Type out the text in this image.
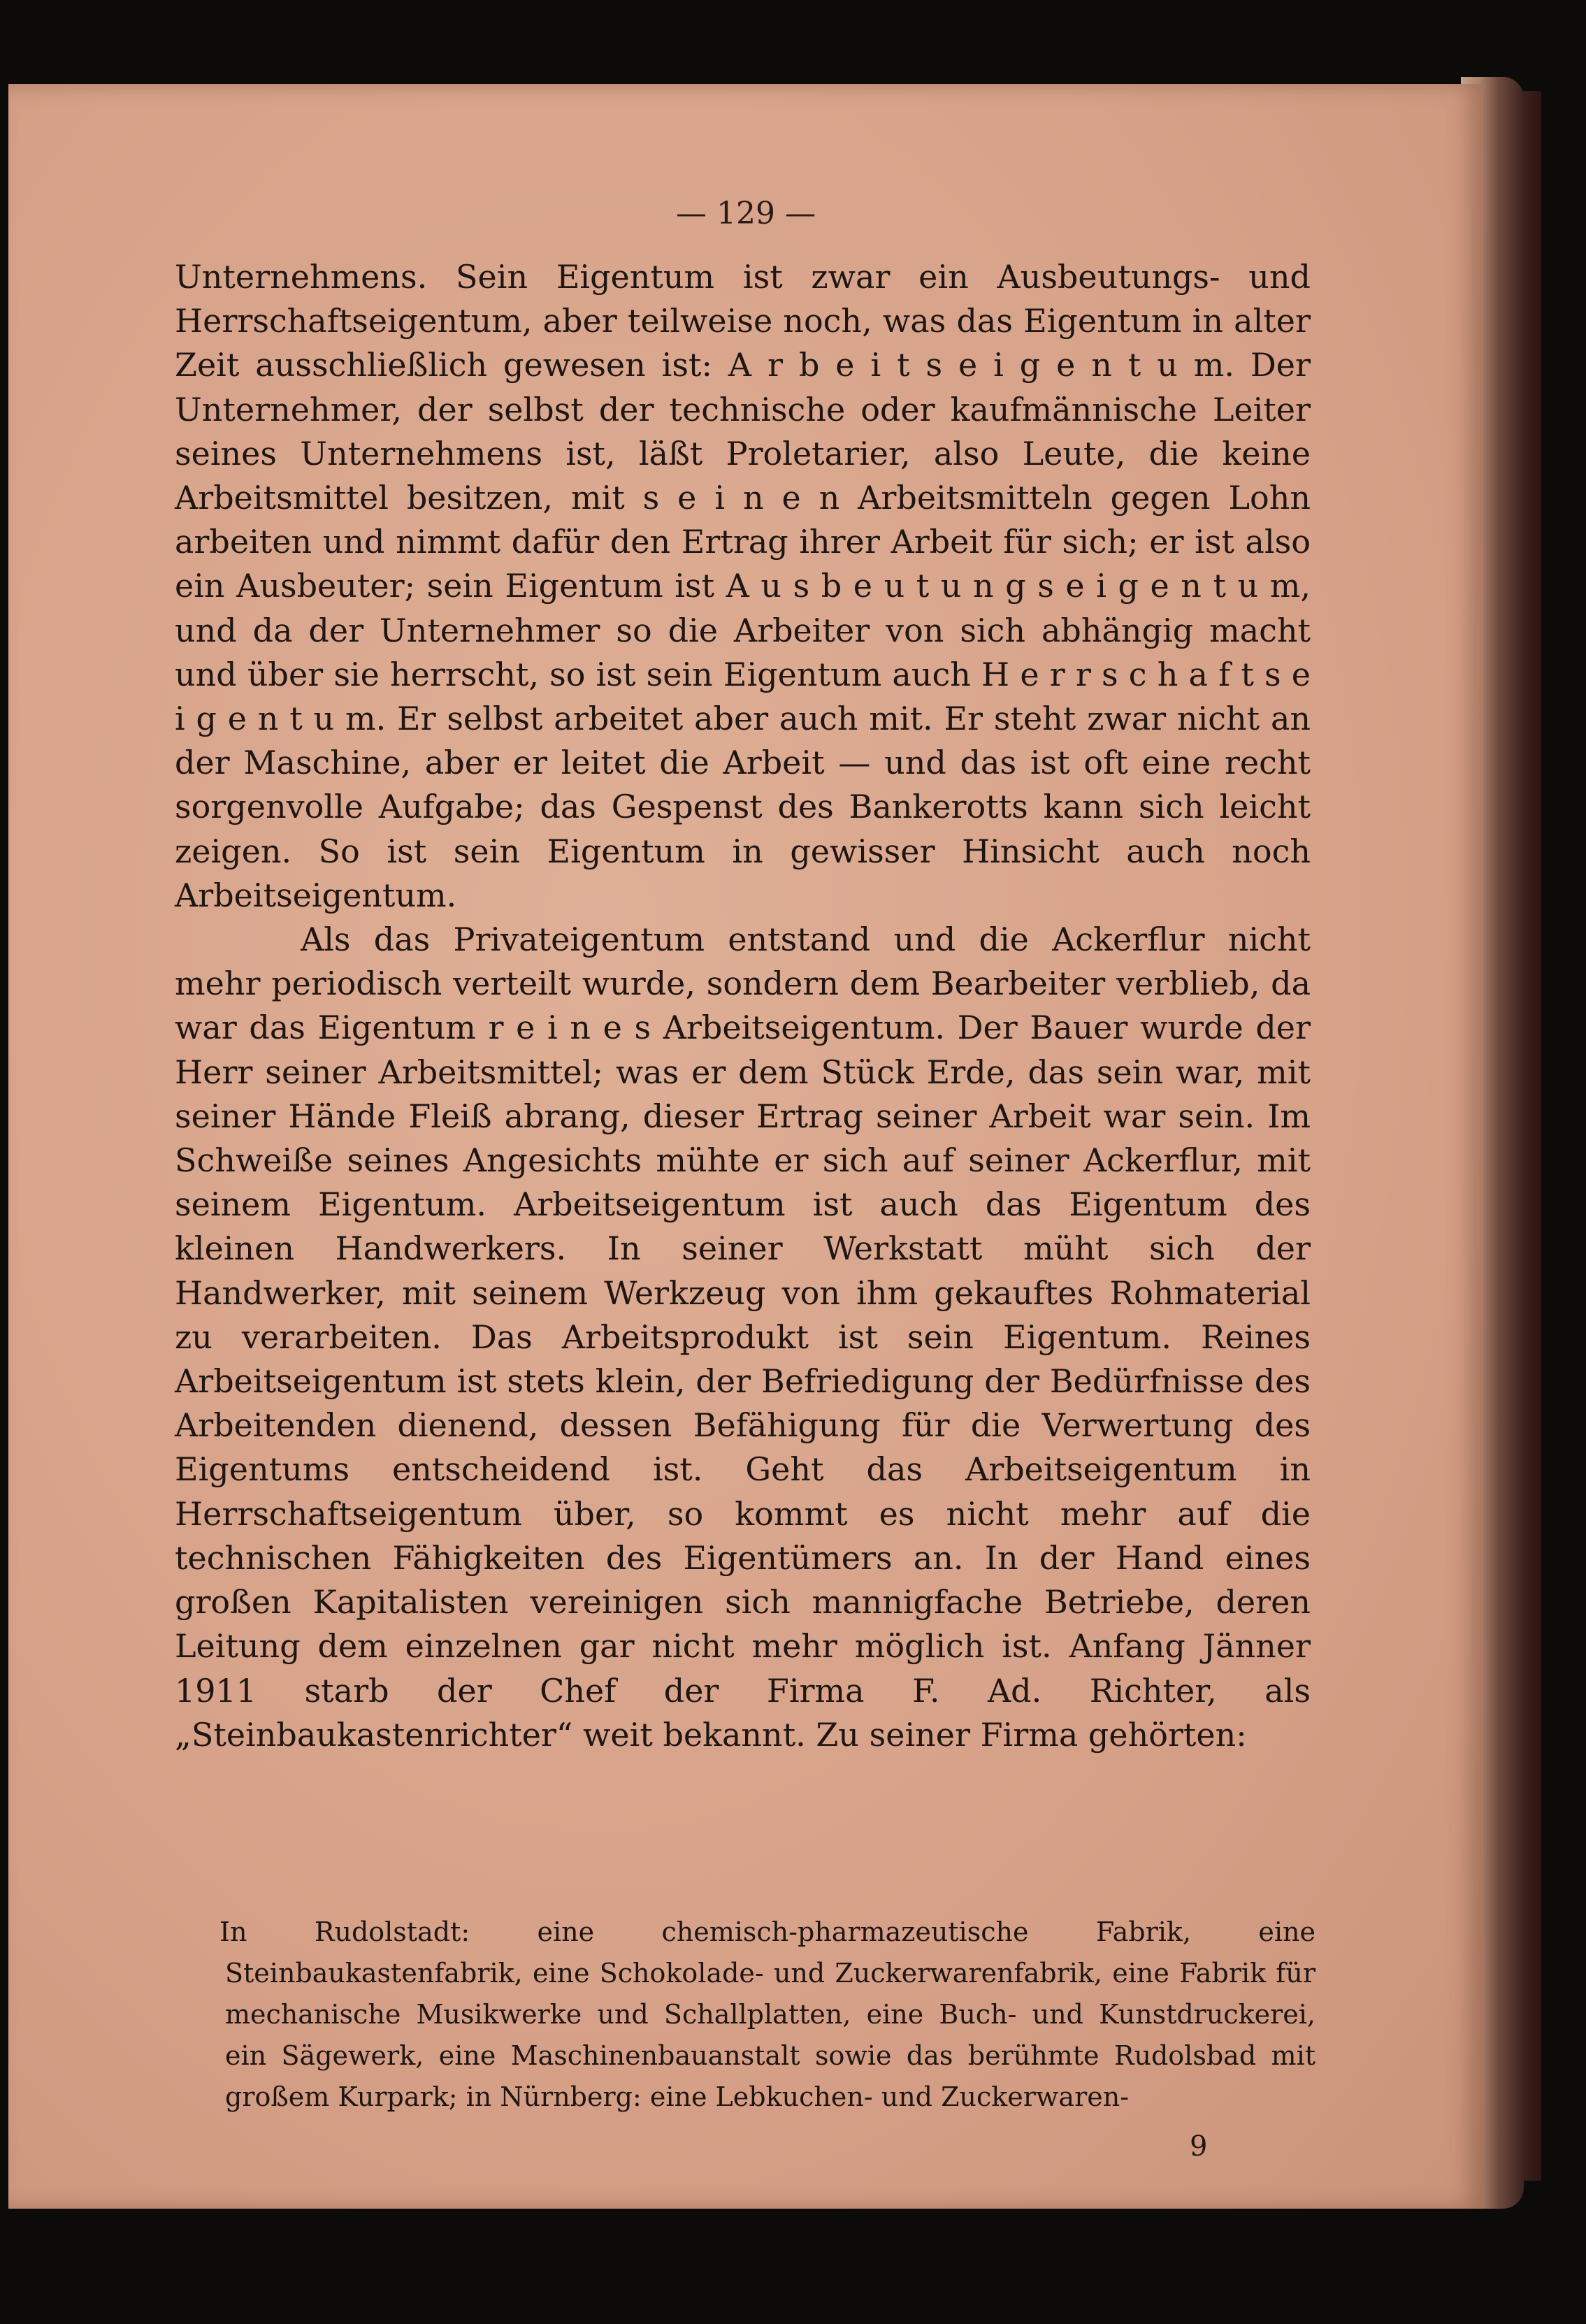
— 129 —

Unternehmens. Sein Eigentum ist zwar ein Ausbeutungs- und Herrschaftseigentum, aber teilweise noch, was das Eigentum in alter Zeit ausschließlich gewesen ist: A r b e i t s e i g e n t u m. Der Unternehmer, der selbst der technische oder kaufmännische Leiter seines Unternehmens ist, läßt Proletarier, also Leute, die keine Arbeitsmittel besitzen, mit s e i n e n Arbeitsmitteln gegen Lohn arbeiten und nimmt dafür den Ertrag ihrer Arbeit für sich; er ist also ein Ausbeuter; sein Eigentum ist A u s b e u t u n g s e i g e n t u m, und da der Unternehmer so die Arbeiter von sich abhängig macht und über sie herrscht, so ist sein Eigentum auch H e r r s c h a f t s e i g e n t u m. Er selbst arbeitet aber auch mit. Er steht zwar nicht an der Maschine, aber er leitet die Arbeit — und das ist oft eine recht sorgenvolle Aufgabe; das Gespenst des Bankerotts kann sich leicht zeigen. So ist sein Eigentum in gewisser Hinsicht auch noch Arbeitseigentum.

Als das Privateigentum entstand und die Ackerflur nicht mehr periodisch verteilt wurde, sondern dem Bearbeiter verblieb, da war das Eigentum r e i n e s Arbeitseigentum. Der Bauer wurde der Herr seiner Arbeitsmittel; was er dem Stück Erde, das sein war, mit seiner Hände Fleiß abrang, dieser Ertrag seiner Arbeit war sein. Im Schweiße seines Angesichts mühte er sich auf seiner Ackerflur, mit seinem Eigentum. Arbeitseigentum ist auch das Eigentum des kleinen Handwerkers. In seiner Werkstatt müht sich der Handwerker, mit seinem Werkzeug von ihm gekauftes Rohmaterial zu verarbeiten. Das Arbeitsprodukt ist sein Eigentum. Reines Arbeitseigentum ist stets klein, der Befriedigung der Bedürfnisse des Arbeitenden dienend, dessen Befähigung für die Verwertung des Eigentums entscheidend ist. Geht das Arbeitseigentum in Herrschaftseigentum über, so kommt es nicht mehr auf die technischen Fähigkeiten des Eigentümers an. In der Hand eines großen Kapitalisten vereinigen sich mannigfache Betriebe, deren Leitung dem einzelnen gar nicht mehr möglich ist. Anfang Jänner 1911 starb der Chef der Firma F. Ad. Richter, als „Steinbaukastenrichter“ weit bekannt. Zu seiner Firma gehörten:

In Rudolstadt: eine chemisch-pharmazeutische Fabrik, eine Steinbaukastenfabrik, eine Schokolade- und Zuckerwarenfabrik, eine Fabrik für mechanische Musikwerke und Schallplatten, eine Buch- und Kunstdruckerei, ein Sägewerk, eine Maschinenbauanstalt sowie das berühmte Rudolsbad mit großem Kurpark; in Nürnberg: eine Lebkuchen- und Zuckerwaren-
9
